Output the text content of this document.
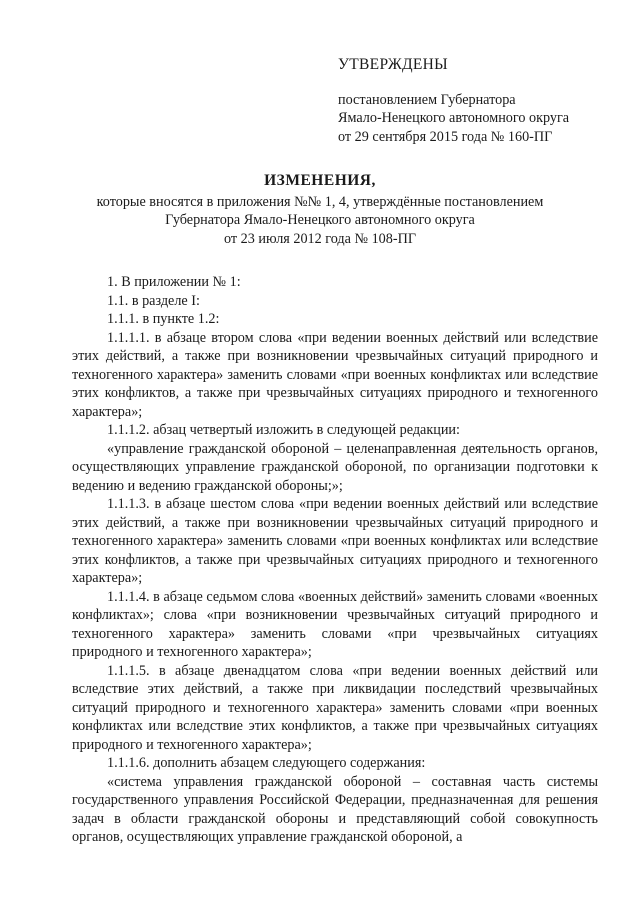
УТВЕРЖДЕНЫ
постановлением Губернатора
Ямало-Ненецкого автономного округа
от 29 сентября 2015 года № 160-ПГ
ИЗМЕНЕНИЯ,
которые вносятся в приложения №№ 1, 4, утверждённые постановлением
Губернатора Ямало-Ненецкого автономного округа
от 23 июля 2012 года № 108-ПГ

1. В приложении № 1:

1.1. в разделе I:

1.1.1. в пункте 1.2:

1.1.1.1. в абзаце втором слова «при ведении военных действий или вследствие этих действий, а также при возникновении чрезвычайных ситуаций природного и техногенного характера» заменить словами «при военных конфликтах или вследствие этих конфликтов, а также при чрезвычайных ситуациях природного и техногенного характера»;

1.1.1.2. абзац четвертый изложить в следующей редакции:

«управление гражданской обороной – целенаправленная деятельность органов, осуществляющих управление гражданской обороной, по организации подготовки к ведению и ведению гражданской обороны;»;

1.1.1.3. в абзаце шестом слова «при ведении военных действий или вследствие этих действий, а также при возникновении чрезвычайных ситуаций природного и техногенного характера» заменить словами «при военных конфликтах или вследствие этих конфликтов, а также при чрезвычайных ситуациях природного и техногенного характера»;

1.1.1.4. в абзаце седьмом слова «военных действий» заменить словами «военных конфликтах»; слова «при возникновении чрезвычайных ситуаций природного и техногенного характера» заменить словами «при чрезвычайных ситуациях природного и техногенного характера»;

1.1.1.5. в абзаце двенадцатом слова «при ведении военных действий или вследствие этих действий, а также при ликвидации последствий чрезвычайных ситуаций природного и техногенного характера» заменить словами «при военных конфликтах или вследствие этих конфликтов, а также при чрезвычайных ситуациях природного и техногенного характера»;

1.1.1.6. дополнить абзацем следующего содержания:

«система управления гражданской обороной – составная часть системы государственного управления Российской Федерации, предназначенная для решения задач в области гражданской обороны и представляющий собой совокупность органов, осуществляющих управление гражданской обороной, а
